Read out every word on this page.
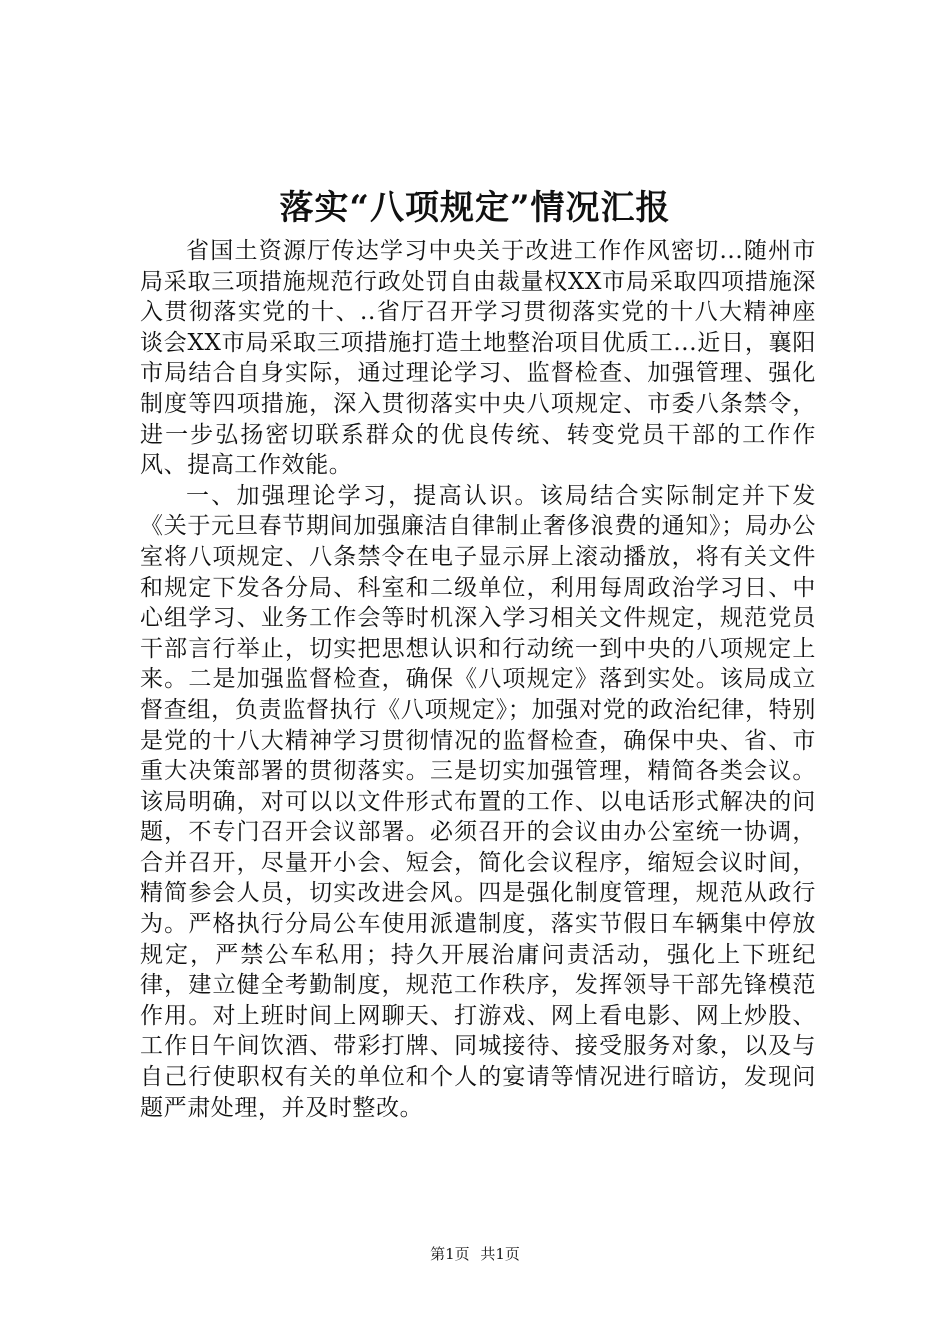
落实“八项规定”情况汇报

省国土资源厅传达学习中央关于改进工作作风密切...随州市局采取三项措施规范行政处罚自由裁量权XX市局采取四项措施深入贯彻落实党的十、..省厅召开学习贯彻落实党的十八大精神座谈会XX市局采取三项措施打造土地整治项目优质工...近日，襄阳市局结合自身实际，通过理论学习、监督检查、加强管理、强化制度等四项措施，深入贯彻落实中央八项规定、市委八条禁令，进一步弘扬密切联系群众的优良传统、转变党员干部的工作作风、提高工作效能。

一、加强理论学习，提高认识。该局结合实际制定并下发《关于元旦春节期间加强廉洁自律制止奢侈浪费的通知》；局办公室将八项规定、八条禁令在电子显示屏上滚动播放，将有关文件和规定下发各分局、科室和二级单位，利用每周政治学习日、中心组学习、业务工作会等时机深入学习相关文件规定，规范党员干部言行举止，切实把思想认识和行动统一到中央的八项规定上来。二是加强监督检查，确保《八项规定》落到实处。该局成立督查组，负责监督执行《八项规定》；加强对党的政治纪律，特别是党的十八大精神学习贯彻情况的监督检查，确保中央、省、市重大决策部署的贯彻落实。三是切实加强管理，精简各类会议。该局明确，对可以以文件形式布置的工作、以电话形式解决的问题，不专门召开会议部署。必须召开的会议由办公室统一协调，合并召开，尽量开小会、短会，简化会议程序，缩短会议时间，精简参会人员，切实改进会风。四是强化制度管理，规范从政行为。严格执行分局公车使用派遣制度，落实节假日车辆集中停放规定，严禁公车私用；持久开展治庸问责活动，强化上下班纪律，建立健全考勤制度，规范工作秩序，发挥领导干部先锋模范作用。对上班时间上网聊天、打游戏、网上看电影、网上炒股、工作日午间饮酒、带彩打牌、同城接待、接受服务对象，以及与自己行使职权有关的单位和个人的宴请等情况进行暗访，发现问题严肃处理，并及时整改。

第1页 共1页
